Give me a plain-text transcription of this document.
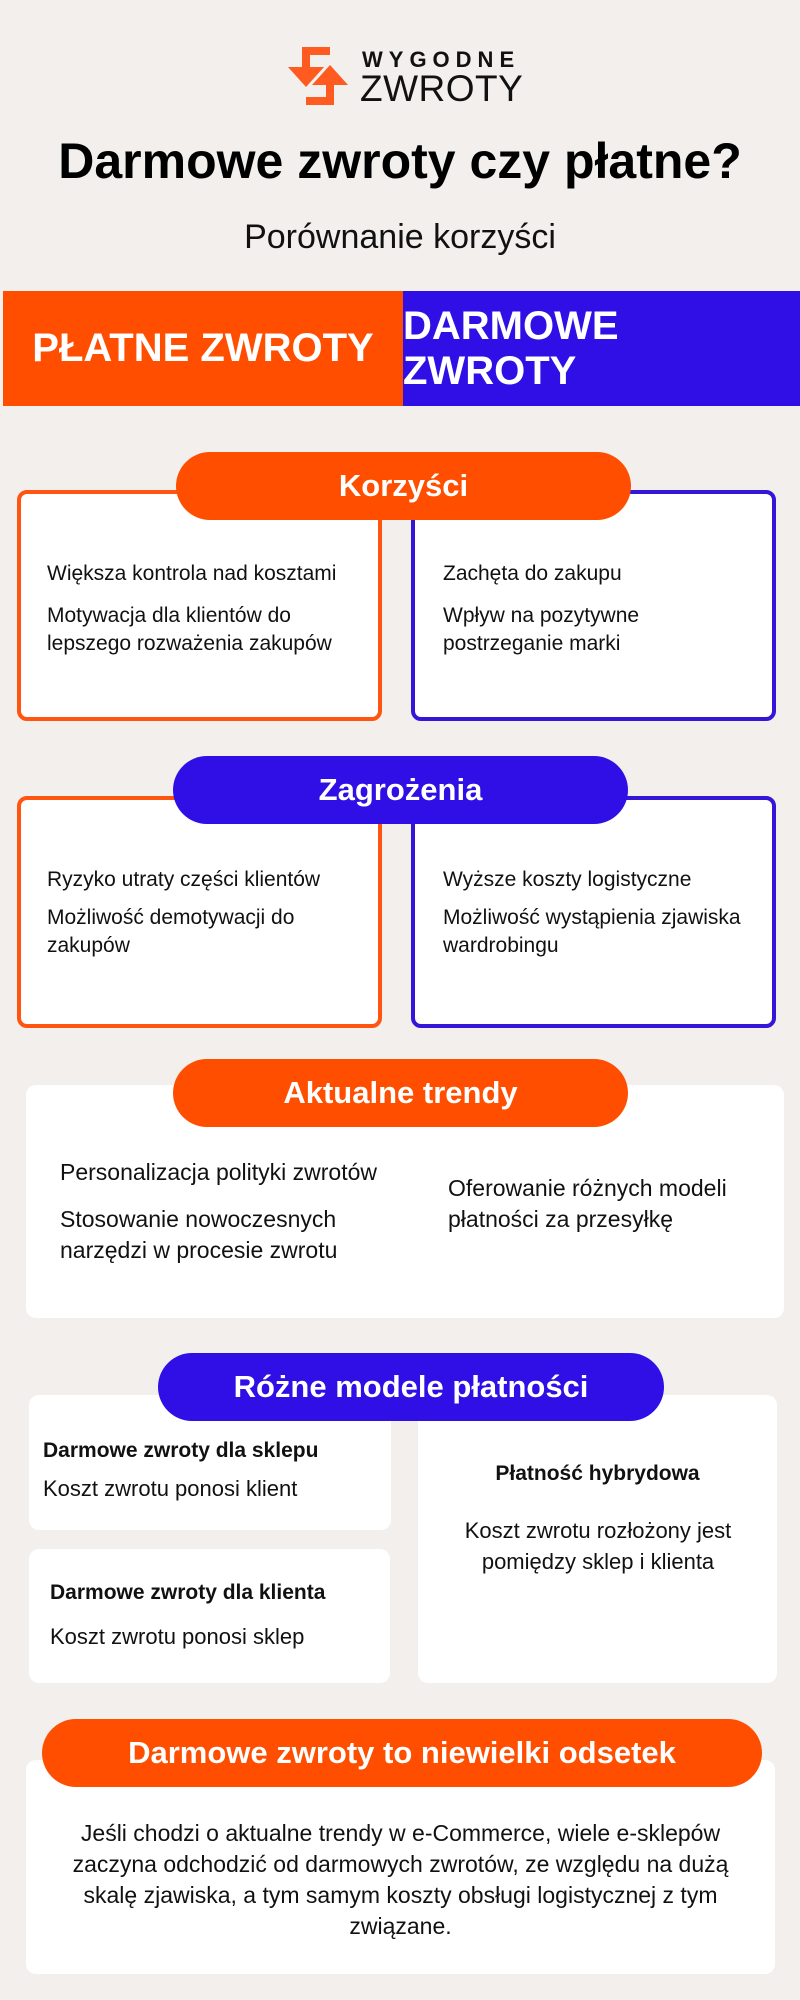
WYGODNE
ZWROTY
Darmowe zwroty czy płatne?
Porównanie korzyści
PŁATNE ZWROTY
DARMOWE ZWROTY

Większa kontrola nad kosztami

Motywacja dla klientów do lepszego rozważenia zakupów

Zachęta do zakupu

Wpływ na pozytywne postrzeganie marki

Korzyści

Ryzyko utraty części klientów

Możliwość demotywacji do zakupów

Wyższe koszty logistyczne

Możliwość wystąpienia zjawiska wardrobingu

Zagrożenia

Personalizacja polityki zwrotów

Stosowanie nowoczesnych narzędzi w procesie zwrotu

Oferowanie różnych modeli płatności za przesyłkę

Aktualne trendy
Darmowe zwroty dla sklepu
Koszt zwrotu ponosi klient
Darmowe zwroty dla klienta
Koszt zwrotu ponosi sklep
Płatność hybrydowa
Koszt zwrotu rozłożony jest pomiędzy sklep i klienta
Różne modele płatności
Jeśli chodzi o aktualne trendy w e-Commerce, wiele e-sklepów zaczyna odchodzić od darmowych zwrotów, ze względu na dużą skalę zjawiska, a tym samym koszty obsługi logistycznej z tym związane.
Darmowe zwroty to niewielki odsetek
